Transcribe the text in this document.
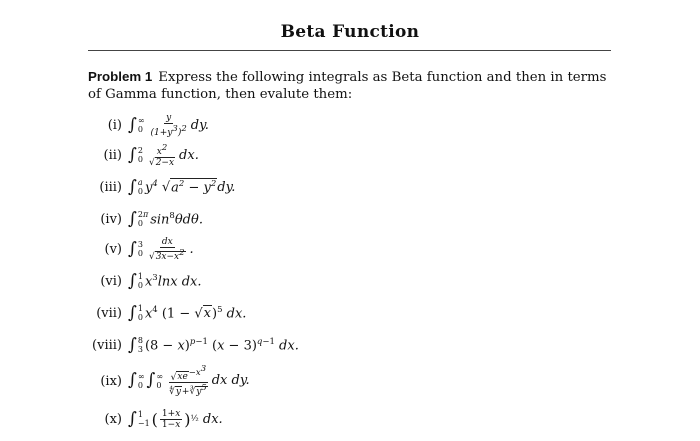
Beta Function
Problem 1 Express the following integrals as Beta function and then in terms of Gamma function, then evalute them:
(i) ∫ ∞
$0 \frac{y}{(1+y^3)^2}$ dy.
(ii) ∫ 2
$0 \frac{x^2}{√2-x}$ dx.
(iii) ∫ a
0 $y^4$ √ $a^2 - y^2$ dy.
(iv) ∫ 2π
0 $\sin^8\theta d\theta$.
(v) ∫ 3
$0 \frac{dx}{√3x-x^2}$ .
(vi) ∫ 1
0 $x^3\ln x$ dx.
(vii) ∫ 1
0 $x^4$ $(1 - √x)^5$ dx.
(viii) ∫ 8
3 $(8 - x)^{p-1}$ $(x - 3)^{q-1}$ dx.
(ix) ∫ ∞
0 ∫ ∞
$0 \frac{√xe^{-x^3}}{∜y+∛y^5}$ dx dy.
(x) ∫ 1
−1 ( $\frac{1+x}{1-x}$ ) ½ dx.
